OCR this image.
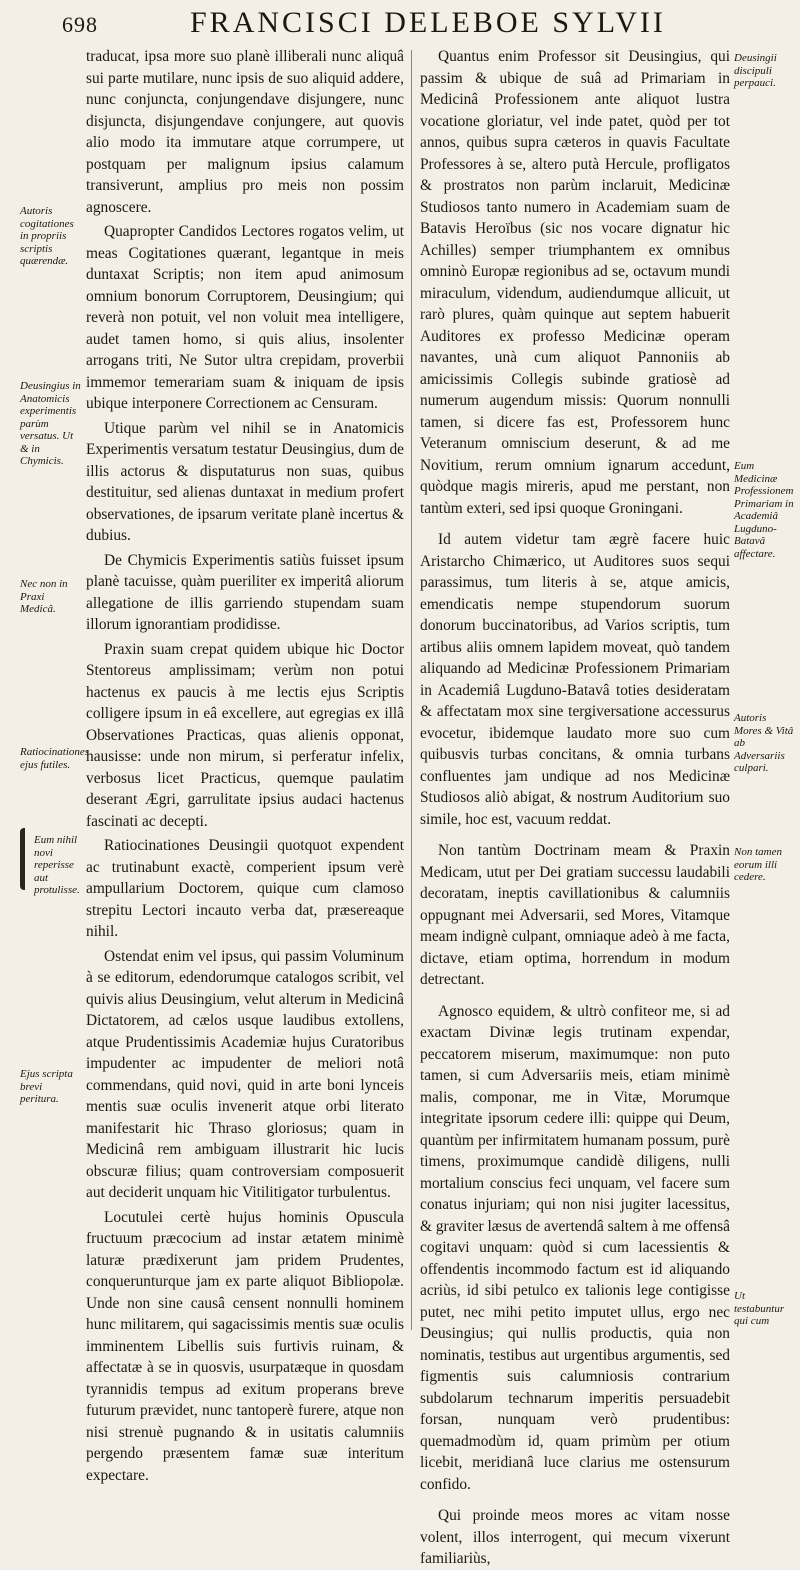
698	FRANCISCI DELEBOE SYLVII

traducat, ipsa more suo planè illiberali nunc aliquâ sui parte mutilare, nunc ipsis de suo aliquid addere, nunc conjuncta, conjungendave disjungere, nunc disjuncta, disjungendave conjungere, aut quovis alio modo ita immutare atque corrumpere, ut postquam per malignum ipsius calamum transiverunt, amplius pro meis non possim agnoscere.

Quapropter Candidos Lectores rogatos velim, ut meas Cogitationes quærant, legantque in meis duntaxat Scriptis; non item apud animosum omnium bonorum Corruptorem, Deusingium; qui reverà non potuit, vel non voluit mea intelligere, audet tamen homo, si quis alius, insolenter arrogans triti, Ne Sutor ultra crepidam, proverbii immemor temerariam suam & iniquam de ipsis ubique interponere Correctionem ac Censuram.

Utique parùm vel nihil se in Anatomicis Experimentis versatum testatur Deusingius, dum de illis actorus & disputaturus non suas, quibus destituitur, sed alienas duntaxat in medium profert observationes, de ipsarum veritate planè incertus & dubius.

De Chymicis Experimentis satiùs fuisset ipsum planè tacuisse, quàm pueriliter ex imperitâ aliorum allegatione de illis garriendo stupendam suam illorum ignorantiam prodidisse.

Praxin suam crepat quidem ubique hic Doctor Stentoreus amplissimam; verùm non potui hactenus ex paucis à me lectis ejus Scriptis colligere ipsum in eâ excellere, aut egregias ex illâ Observationes Practicas, quas alienis opponat, hausisse: unde non mirum, si perferatur infelix, verbosus licet Practicus, quemque paulatim deserant Ægri, garrulitate ipsius audaci hactenus fascinati ac decepti.

Ratiocinationes Deusingii quotquot expendent ac trutinabunt exactè, comperient ipsum verè ampullarium Doctorem, quique cum clamoso strepitu Lectori incauto verba dat, præsereaque nihil.

Ostendat enim vel ipsus, qui passim Voluminum à se editorum, edendorumque catalogos scribit, vel quivis alius Deusingium, velut alterum in Medicinâ Dictatorem, ad cælos usque laudibus extollens, atque Prudentissimis Academiæ hujus Curatoribus impudenter ac impudenter de meliori notâ commendans, quid novi, quid in arte boni lynceis mentis suæ oculis invenerit atque orbi literato manifestarit hic Thraso gloriosus; quam in Medicinâ rem ambiguam illustrarit hic lucis obscuræ filius; quam controversiam composuerit aut deciderit unquam hic Vitilitigator turbulentus.

Locutulei certè hujus hominis Opuscula fructuum præcocium ad instar ætatem minimè laturæ prædixerunt jam pridem Prudentes, conquerunturque jam ex parte aliquot Bibliopolæ. Unde non sine causâ censent nonnulli hominem hunc militarem, qui sagacissimis mentis suæ oculis imminentem Libellis suis furtivis ruinam, & affectatæ à se in quosvis, usurpatæque in quosdam tyrannidis tempus ad exitum properans breve futurum prævidet, nunc tantoperè furere, atque non nisi strenuè pugnando & in usitatis calumniis pergendo præsentem famæ suæ interitum expectare.

Quantus enim Professor sit Deusingius, qui passim & ubique de suâ ad Primariam in Medicinâ Professionem ante aliquot lustra vocatione gloriatur, vel inde patet, quòd per tot annos, quibus supra cæteros in quavis Facultate Professores à se, altero putà Hercule, profligatos & prostratos non parùm inclaruit, Medicinæ Studiosos tanto numero in Academiam suam de Batavis Heroïbus (sic nos vocare dignatur hic Achilles) semper triumphantem ex omnibus omninò Europæ regionibus ad se, octavum mundi miraculum, videndum, audiendumque allicuit, ut rarò plures, quàm quinque aut septem habuerit Auditores ex professo Medicinæ operam navantes, unà cum aliquot Pannoniis ab amicissimis Collegis subinde gratiosè ad numerum augendum missis: Quorum nonnulli tamen, si dicere fas est, Professorem hunc Veteranum omniscium deserunt, & ad me Novitium, rerum omnium ignarum accedunt, quòdque magis mireris, apud me perstant, non tantùm exteri, sed ipsi quoque Groningani.

Id autem videtur tam ægrè facere huic Aristarcho Chimærico, ut Auditores suos sequi parassimus, tum literis à se, atque amicis, emendicatis nempe stupendorum suorum donorum buccinatoribus, ad Varios scriptis, tum artibus aliis omnem lapidem moveat, quò tandem aliquando ad Medicinæ Professionem Primariam in Academiâ Lugduno-Batavâ toties desideratam & affectatam mox sine tergiversatione accessurus evocetur, ibidemque laudato more suo cum quibusvis turbas concitans, & omnia turbans confluentes jam undique ad nos Medicinæ Studiosos aliò abigat, & nostrum Auditorium suo simile, hoc est, vacuum reddat.

Non tantùm Doctrinam meam & Praxin Medicam, utut per Dei gratiam successu laudabili decoratam, ineptis cavillationibus & calumniis oppugnant mei Adversarii, sed Mores, Vitamque meam indignè culpant, omniaque adeò à me facta, dictave, etiam optima, horrendum in modum detrectant.

Agnosco equidem, & ultrò confiteor me, si ad exactam Divinæ legis trutinam expendar, peccatorem miserum, maximumque: non puto tamen, si cum Adversariis meis, etiam minimè malis, componar, me in Vitæ, Morumque integritate ipsorum cedere illi: quippe qui Deum, quantùm per infirmitatem humanam possum, purè timens, proximumque candidè diligens, nulli mortalium conscius feci unquam, vel facere sum conatus injuriam; qui non nisi jugiter lacessitus, & graviter læsus de avertendâ saltem à me offensâ cogitavi unquam: quòd si cum lacessientis & offendentis incommodo factum est id aliquando acriùs, id sibi petulco ex talionis lege contigisse putet, nec mihi petito imputet ullus, ergo nec Deusingius; qui nullis productis, quia non nominatis, testibus aut urgentibus argumentis, sed figmentis suis calumniosis contrarium subdolarum technarum imperitis persuadebit forsan, nunquam verò prudentibus: quemadmodùm id, quam primùm per otium licebit, meridianâ luce clarius me ostensurum confido.

Qui proinde meos mores ac vitam nosse volent, illos interrogent, qui mecum vixerunt familiariùs,

Autoris cogitationes in propriis scriptis quærendæ.
Deusingius in Anatomicis experimentis parùm versatus. Ut & in Chymicis.
Nec non in Praxi Medicâ.
Ratiocinationes ejus futiles.
Eum nihil novi reperisse aut protulisse.
Ejus scripta brevi peritura.
Deusingii discipuli perpauci.
Eum Medicinæ Professionem Primariam in Academiâ Lugduno-Batavâ affectare.
Autoris Mores & Vitâ ab Adversariis culpari.
Non tamen eorum illi cedere.
Ut testabuntur qui cum
